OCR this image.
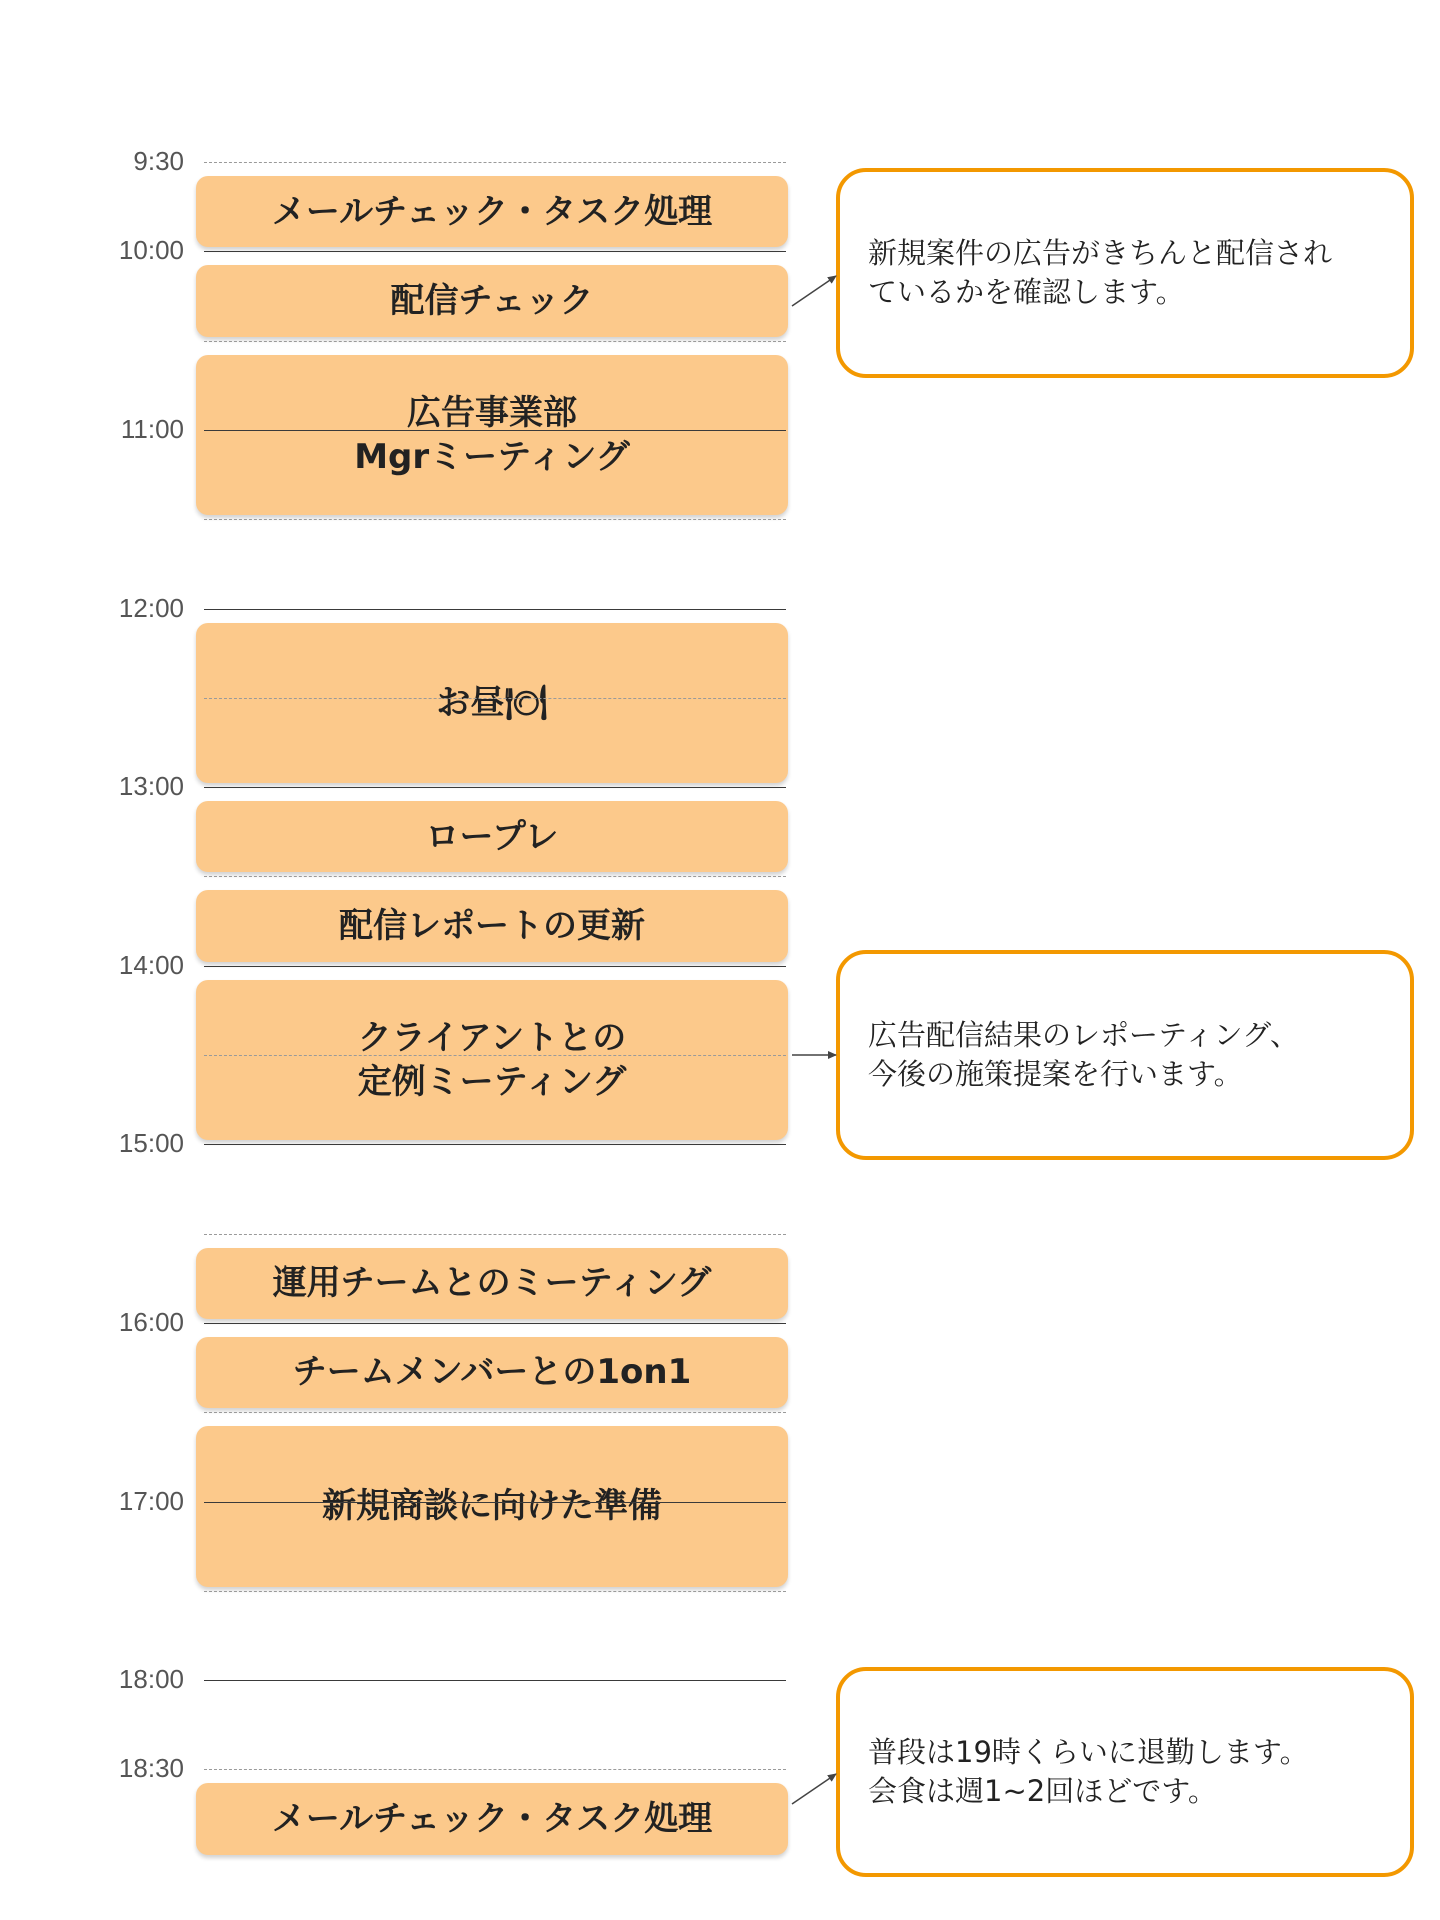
メールチェック・タスク処理
配信チェック
広告事業部
Mgrミーティング
お昼🍽
ロープレ
配信レポートの更新
クライアントとの
定例ミーティング
運用チームとのミーティング
チームメンバーとの1on1
新規商談に向けた準備
メールチェック・タスク処理
9:30
10:00
11:00
12:00
13:00
14:00
15:00
16:00
17:00
18:00
18:30
新規案件の広告がきちんと配信され
ているかを確認します。
広告配信結果のレポーティング、
今後の施策提案を行います。
普段は19時くらいに退勤します。
会食は週1~2回ほどです。
